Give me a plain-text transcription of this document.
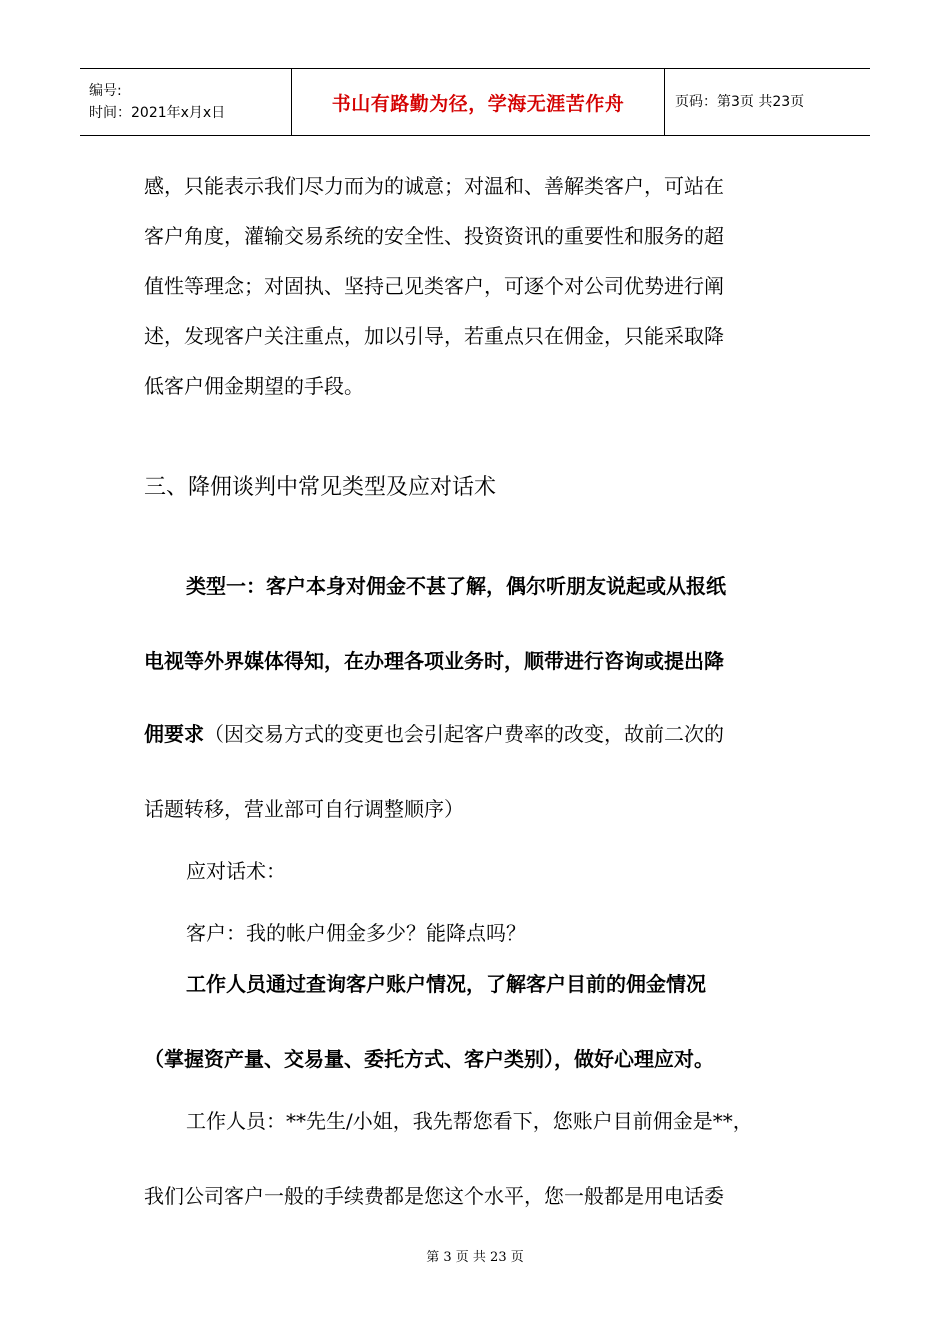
编号:
时间：2021年x月x日	书山有路勤为径，学海无涯苦作舟	页码：第3页 共23页
感，只能表示我们尽力而为的诚意；对温和、善解类客户，可站在
客户角度，灌输交易系统的安全性、投资资讯的重要性和服务的超
值性等理念；对固执、坚持己见类客户，可逐个对公司优势进行阐
述，发现客户关注重点，加以引导，若重点只在佣金，只能采取降
低客户佣金期望的手段。
三、降佣谈判中常见类型及应对话术
类型一：客户本身对佣金不甚了解，偶尔听朋友说起或从报纸
电视等外界媒体得知，在办理各项业务时，顺带进行咨询或提出降
佣要求（因交易方式的变更也会引起客户费率的改变，故前二次的
话题转移，营业部可自行调整顺序）
应对话术：
客户：我的帐户佣金多少？能降点吗？
工作人员通过查询客户账户情况，了解客户目前的佣金情况
（掌握资产量、交易量、委托方式、客户类别），做好心理应对。
工作人员：**先生/小姐，我先帮您看下，您账户目前佣金是**，
我们公司客户一般的手续费都是您这个水平，您一般都是用电话委
第 3 页 共 23 页
